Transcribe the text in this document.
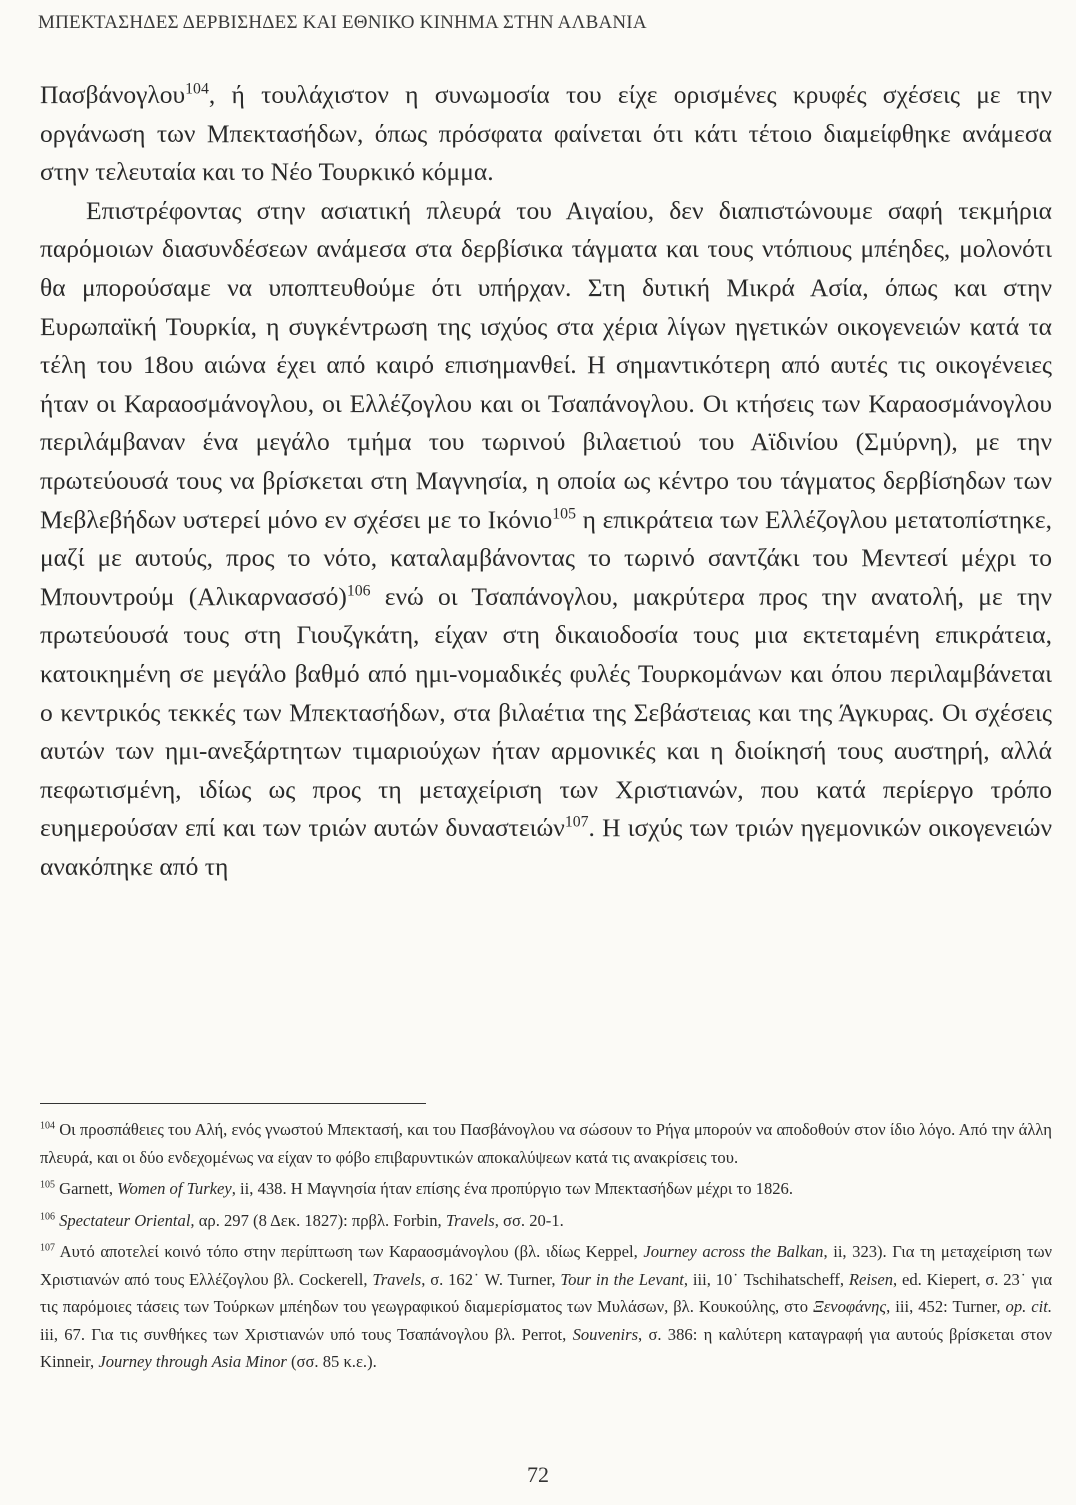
ΜΠΕΚΤΑΣΗΔΕΣ ΔΕΡΒΙΣΗΔΕΣ ΚΑΙ ΕΘΝΙΚΟ ΚΙΝΗΜΑ ΣΤΗΝ ΑΛΒΑΝΙΑ

Πασβάνογλου$^{104}$, ή τουλάχιστον η συνωμοσία του είχε ορισμένες κρυφές σχέσεις με την οργάνωση των Μπεκτασήδων, όπως πρόσφατα φαίνεται ότι κάτι τέτοιο διαμείφθηκε ανάμεσα στην τελευταία και το Νέο Τουρκικό κόμμα.

Επιστρέφοντας στην ασιατική πλευρά του Αιγαίου, δεν διαπιστώνουμε σαφή τεκμήρια παρόμοιων διασυνδέσεων ανάμεσα στα δερβίσικα τάγματα και τους ντόπιους μπέηδες, μολονότι θα μπορούσαμε να υποπτευθούμε ότι υπήρχαν. Στη δυτική Μικρά Ασία, όπως και στην Ευρωπαϊκή Τουρκία, η συγκέντρωση της ισχύος στα χέρια λίγων ηγετικών οικογενειών κατά τα τέλη του 18ου αιώνα έχει από καιρό επισημανθεί. Η σημαντικότερη από αυτές τις οικογένειες ήταν οι Καραοσμάνογλου, οι Ελλέζογλου και οι Τσαπάνογλου. Οι κτήσεις των Καραοσμάνογλου περιλάμβαναν ένα μεγάλο τμήμα του τωρινού βιλαετιού του Αϊδινίου (Σμύρνη), με την πρωτεύουσά τους να βρίσκεται στη Μαγνησία, η οποία ως κέντρο του τάγματος δερβίσηδων των Μεβλεβήδων υστερεί μόνο εν σχέσει με το Ικόνιο$^{105}$ η επικράτεια των Ελλέζογλου μετατοπίστηκε, μαζί με αυτούς, προς το νότο, καταλαμβάνοντας το τωρινό σαντζάκι του Μεντεσί μέχρι το Μπουντρούμ $(A\lambda\iota\kappa\alpha\rho\nu\alpha\sigma\sigma ό)^{106}$ ενώ οι Τσαπάνογλου, μακρύτερα προς την ανατολή, με την πρωτεύουσά τους στη Γιουζγκάτη, είχαν στη δικαιοδοσία τους μια εκτεταμένη επικράτεια, κατοικημένη σε μεγάλο βαθμό από ημι-νομαδικές φυλές Τουρκομάνων και όπου περιλαμβάνεται ο κεντρικός τεκκές των Μπεκτασήδων, στα βιλαέτια της Σεβάστειας και της Άγκυρας. Οι σχέσεις αυτών των ημι-ανεξάρτητων τιμαριούχων ήταν αρμονικές και η διοίκησή τους αυστηρή, αλλά πεφωτισμένη, ιδίως ως προς τη μεταχείριση των Χριστιανών, που κατά περίεργο τρόπο ευημερούσαν επί και των τριών αυτών δυναστειών$^{107}$. Η ισχύς των τριών ηγεμονικών οικογενειών ανακόπηκε από τη

$^{104}$ Οι προσπάθειες του Αλή, ενός γνωστού Μπεκτασή, και του Πασβάνογλου να σώσουν το Ρήγα μπορούν να αποδοθούν στον ίδιο λόγο. Από την άλλη πλευρά, και οι δύο ενδεχομένως να είχαν το φόβο επιβαρυντικών αποκαλύψεων κατά τις ανακρίσεις του.

$^{105}$ Garnett, Women of Turkey, ii, 438. Η Μαγνησία ήταν επίσης ένα προπύργιο των Μπεκτασήδων μέχρι το 1826.

$^{106}$ Spectateur Oriental, αρ. 297 (8 Δεκ. 1827): πρβλ. Forbin, Travels, σσ. 20-1.

$^{107}$ Αυτό αποτελεί κοινό τόπο στην περίπτωση των Καραοσμάνογλου (βλ. ιδίως Keppel, Journey across the Balkan, ii, 323). Για τη μεταχείριση των Χριστιανών από τους Ελλέζογλου βλ. Cockerell, Travels, σ. 162˙ W. Turner, Tour in the Levant, iii, 10˙ Tschihatscheff, Reisen, ed. Kiepert, σ. 23˙ για τις παρόμοιες τάσεις των Τούρκων μπέηδων του γεωγραφικού διαμερίσματος των Μυλάσων, βλ. Κουκούλης, στο Ξενοφάνης, iii, 452: Turner, op. cit. iii, 67. Για τις συνθήκες των Χριστιανών υπό τους Τσαπάνογλου βλ. Perrot, Souvenirs, σ. 386: η καλύτερη καταγραφή για αυτούς βρίσκεται στον Kinneir, Journey through Asia Minor (σσ. 85 κ.ε.).

72
